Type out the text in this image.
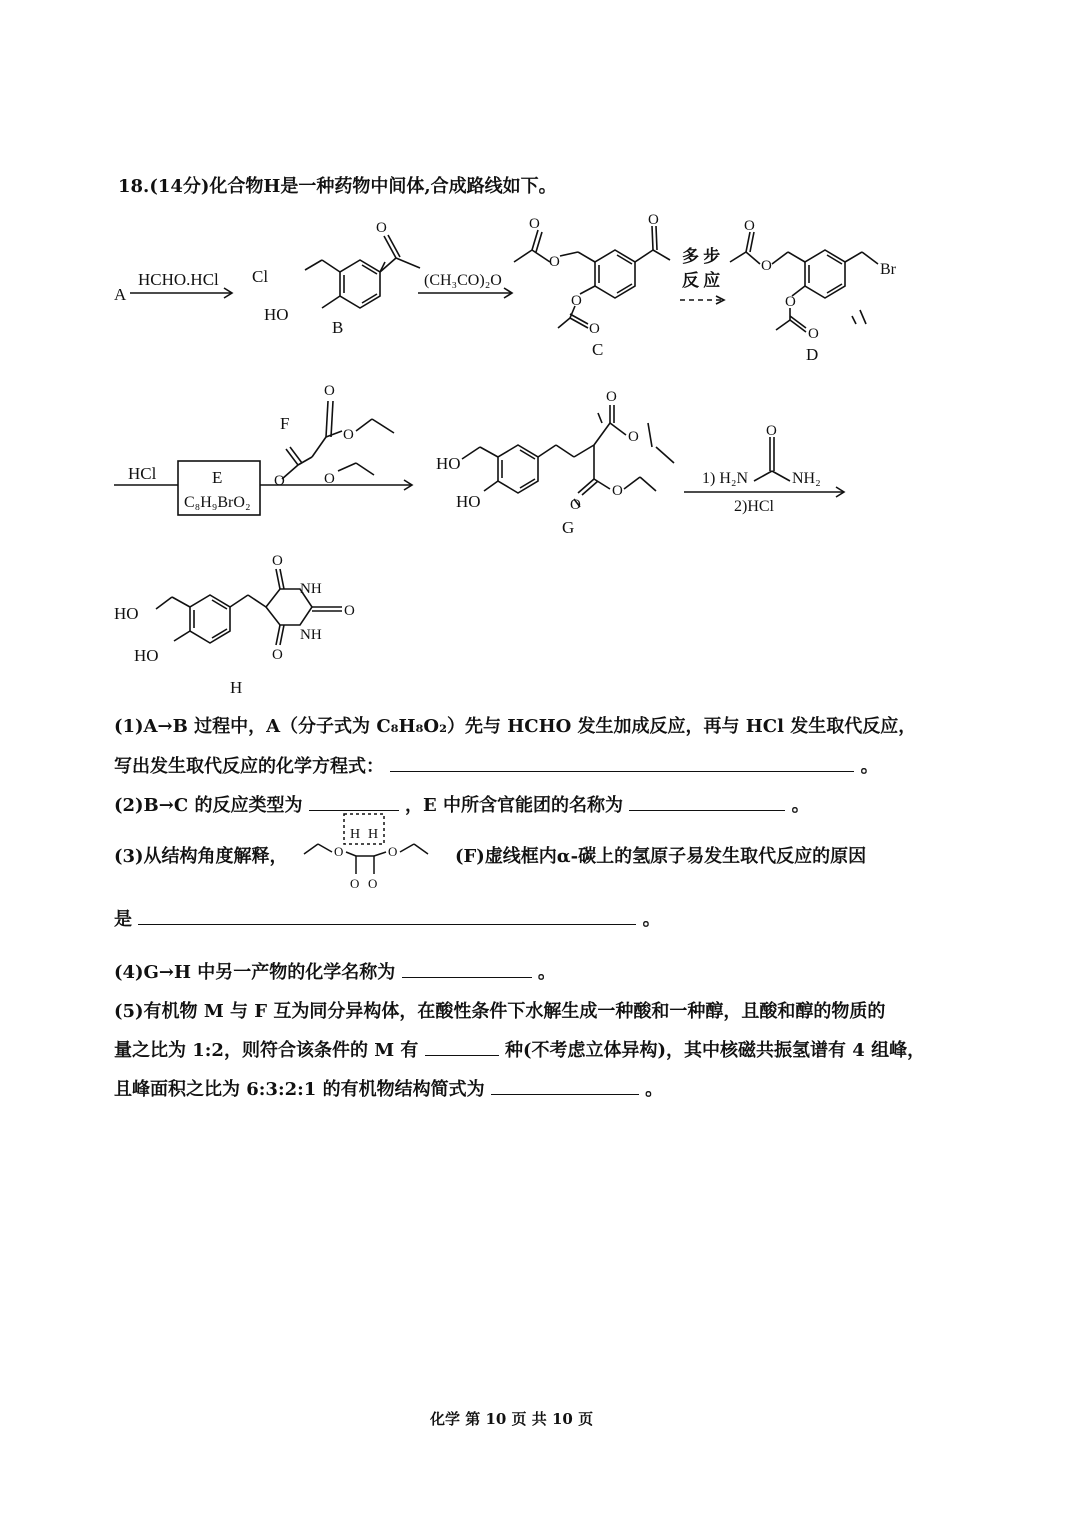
18.(14分)化合物H是一种药物中间体,合成路线如下。
A
HCHO.HCl Cl
HO
B
O
(CH₃CO)₂O
O
O
O
O
O
C
多 步
反 应
O
O
O
O
Br
D
HCl	E
C₈H₉BrO₂
F
O
O
O	O
HO
HO
O
O
O
O
G
O
1) H₂N	NH₂
2)HCl
O
O
O
NH
NH
HO
HO
H
(1)A→B 过程中，A（分子式为 C₈H₈O₂）先与 HCHO 发生加成反应，再与 HCl 发生取代反应，
写出发生取代反应的化学方程式：	。
(2)B→C 的反应类型为	，E 中所含官能团的名称为	。
(3)从结构角度解释，	O	O
O O
H H
(F)虚线框内α-碳上的氢原子易发生取代反应的原因
是	。
(4)G→H 中另一产物的化学名称为	。
(5)有机物 M 与 F 互为同分异构体，在酸性条件下水解生成一种酸和一种醇，且酸和醇的物质的
量之比为 1:2，则符合该条件的 M 有	种(不考虑立体异构)，其中核磁共振氢谱有 4 组峰，
且峰面积之比为 6:3:2:1 的有机物结构简式为	。
化学 第 10 页 共 10 页
